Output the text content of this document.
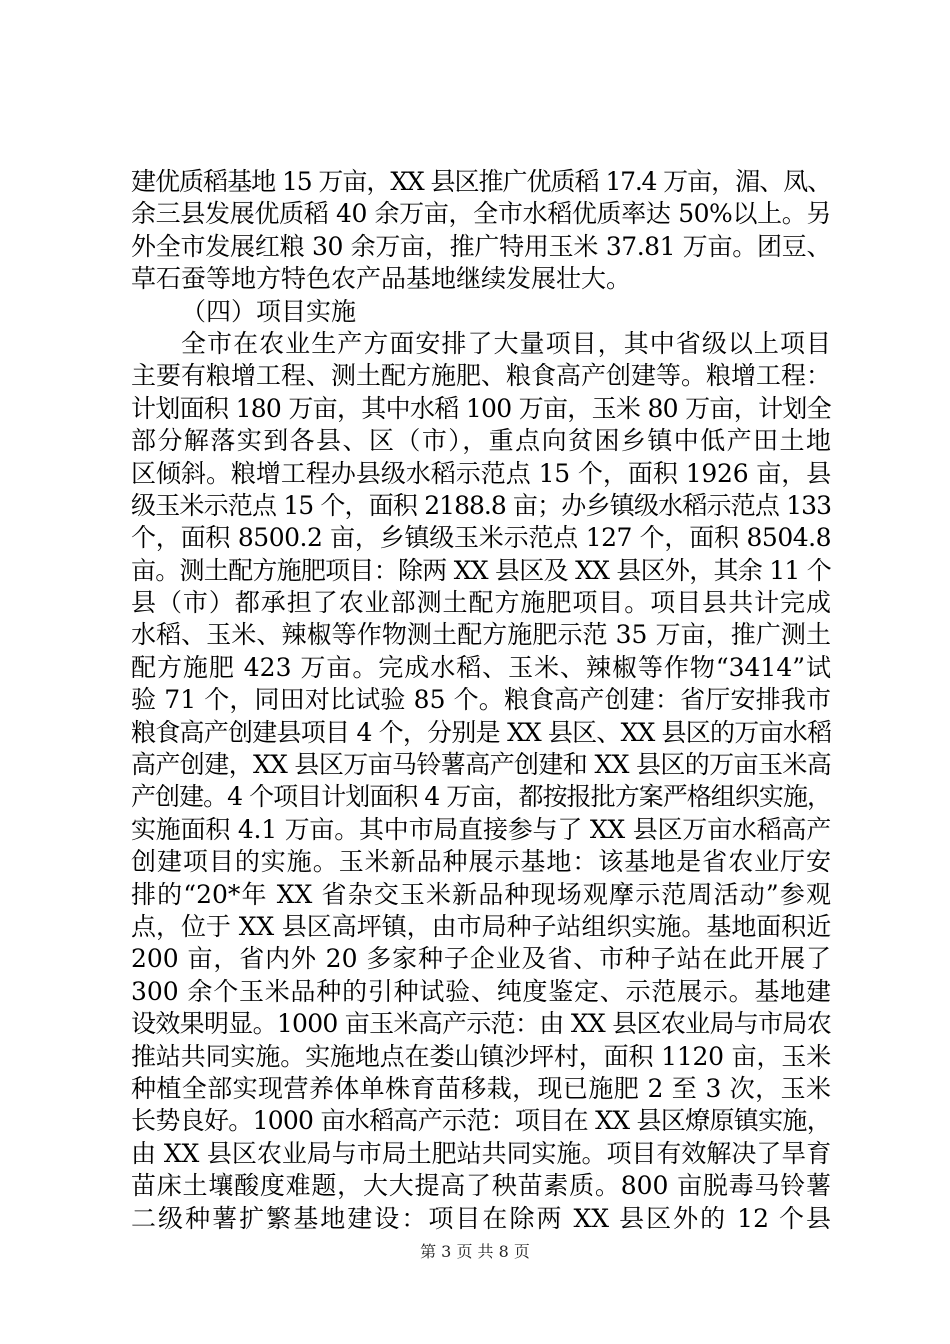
建优质稻基地 15 万亩，XX 县区推广优质稻 17.4 万亩，湄、凤、
余三县发展优质稻 40 余万亩，全市水稻优质率达 50%以上。另
外全市发展红粮 30 余万亩，推广特用玉米 37.81 万亩。团豆、
草石蚕等地方特色农产品基地继续发展壮大。
（四）项目实施
全市在农业生产方面安排了大量项目，其中省级以上项目
主要有粮增工程、测土配方施肥、粮食高产创建等。粮增工程：
计划面积 180 万亩，其中水稻 100 万亩，玉米 80 万亩，计划全
部分解落实到各县、区（市），重点向贫困乡镇中低产田土地
区倾斜。粮增工程办县级水稻示范点 15 个，面积 1926 亩，县
级玉米示范点 15 个，面积 2188.8 亩；办乡镇级水稻示范点 133
个，面积 8500.2 亩，乡镇级玉米示范点 127 个，面积 8504.8
亩。测土配方施肥项目：除两 XX 县区及 XX 县区外，其余 11 个
县（市）都承担了农业部测土配方施肥项目。项目县共计完成
水稻、玉米、辣椒等作物测土配方施肥示范 35 万亩，推广测土
配方施肥 423 万亩。完成水稻、玉米、辣椒等作物“3414”试
验 71 个，同田对比试验 85 个。粮食高产创建：省厅安排我市
粮食高产创建县项目 4 个，分别是 XX 县区、XX 县区的万亩水稻
高产创建，XX 县区万亩马铃薯高产创建和 XX 县区的万亩玉米高
产创建。4 个项目计划面积 4 万亩，都按报批方案严格组织实施，
实施面积 4.1 万亩。其中市局直接参与了 XX 县区万亩水稻高产
创建项目的实施。玉米新品种展示基地：该基地是省农业厅安
排的“20*年 XX 省杂交玉米新品种现场观摩示范周活动”参观
点，位于 XX 县区高坪镇，由市局种子站组织实施。基地面积近
200 亩，省内外 20 多家种子企业及省、市种子站在此开展了
300 余个玉米品种的引种试验、纯度鉴定、示范展示。基地建
设效果明显。1000 亩玉米高产示范：由 XX 县区农业局与市局农
推站共同实施。实施地点在娄山镇沙坪村，面积 1120 亩，玉米
种植全部实现营养体单株育苗移栽，现已施肥 2 至 3 次，玉米
长势良好。1000 亩水稻高产示范：项目在 XX 县区燎原镇实施，
由 XX 县区农业局与市局土肥站共同实施。项目有效解决了旱育
苗床土壤酸度难题，大大提高了秧苗素质。800 亩脱毒马铃薯
二级种薯扩繁基地建设：项目在除两 XX 县区外的 12 个县
第 3 页 共 8 页
